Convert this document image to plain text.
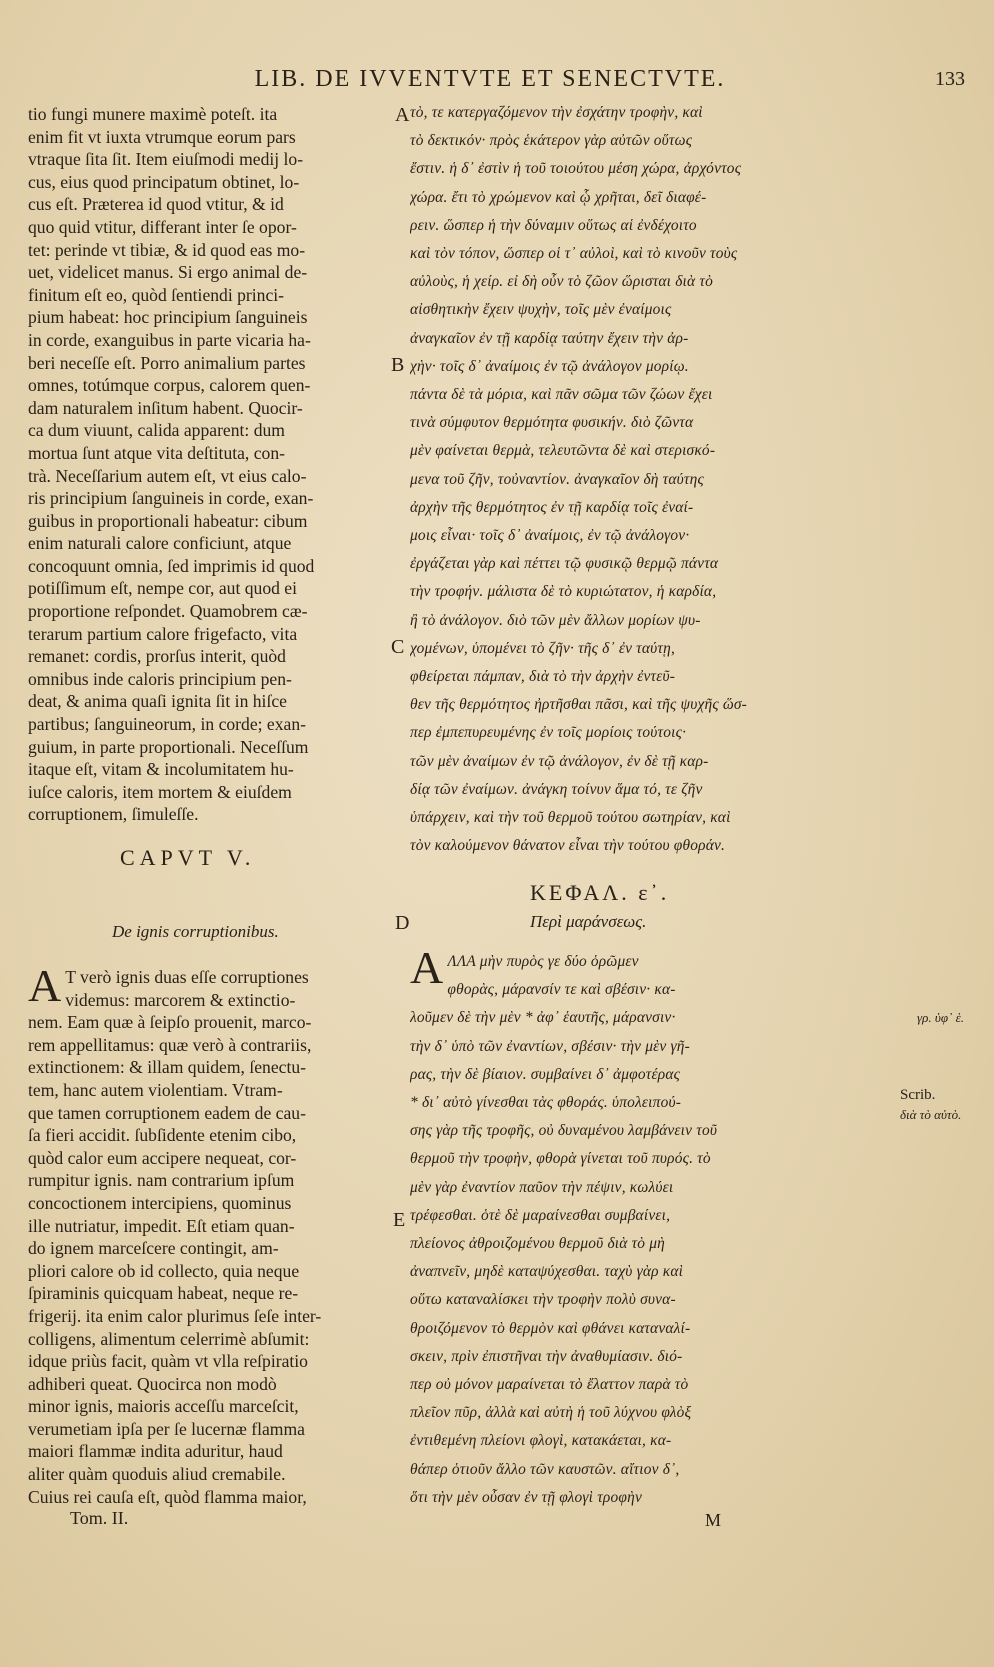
LIB. DE IVVENTVTE ET SENECTVTE.	133
tio fungi munere maximè poteſt. ita
enim fit vt iuxta vtrumque eorum pars
vtraque ſita ſit. Item eiuſmodi medij lo-
cus, eius quod principatum obtinet, lo-
cus eſt. Præterea id quod vtitur, & id
quo quid vtitur, differant inter ſe opor-
tet: perinde vt tibiæ, & id quod eas mo-
uet, videlicet manus. Si ergo animal de-
finitum eſt eo, quòd ſentiendi princi-
pium habeat: hoc principium ſanguineis
in corde, exanguibus in parte vicaria ha-
beri neceſſe eſt. Porro animalium partes
omnes, totúmque corpus, calorem quen-
dam naturalem inſitum habent. Quocir-
ca dum viuunt, calida apparent: dum
mortua ſunt atque vita deſtituta, con-
trà. Neceſſarium autem eſt, vt eius calo-
ris principium ſanguineis in corde, exan-
guibus in proportionali habeatur: cibum
enim naturali calore conficiunt, atque
concoquunt omnia, ſed imprimis id quod
potiſſimum eſt, nempe cor, aut quod ei
proportione reſpondet. Quamobrem cæ-
terarum partium calore frigefacto, vita
remanet: cordis, prorſus interit, quòd
omnibus inde caloris principium pen-
deat, & anima quaſi ignita ſit in hiſce
partibus; ſanguineorum, in corde; exan-
guium, in parte proportionali. Neceſſum
itaque eſt, vitam & incolumitatem hu-
iuſce caloris, item mortem & eiuſdem
corruptionem, ſimuleſſe.
CAPVT V.
De ignis corruptionibus.
A T verò ignis duas eſſe corruptiones
videmus: marcorem & extinctio-
nem. Eam quæ à ſeipſo prouenit, marco-
rem appellitamus: quæ verò à contrariis,
extinctionem: & illam quidem, ſenectu-
tem, hanc autem violentiam. Vtram-
que tamen corruptionem eadem de cau-
ſa fieri accidit. ſubſidente etenim cibo,
quòd calor eum accipere nequeat, cor-
rumpitur ignis. nam contrarium ipſum
concoctionem intercipiens, quominus
ille nutriatur, impedit. Eſt etiam quan-
do ignem marceſcere contingit, am-
pliori calore ob id collecto, quia neque
ſpiraminis quicquam habeat, neque re-
frigerij. ita enim calor plurimus ſeſe inter-
colligens, alimentum celerrimè abſumit:
idque priùs facit, quàm vt vlla reſpiratio
adhiberi queat. Quocirca non modò
minor ignis, maioris acceſſu marceſcit,
verumetiam ipſa per ſe lucernæ flamma
maiori flammæ indita aduritur, haud
aliter quàm quoduis aliud cremabile.
Cuius rei cauſa eſt, quòd flamma maior,
τὸ, τε κατεργαζόμενον τὴν ἐσχάτην τροφὴν, καὶ
τὸ δεκτικόν· πρὸς ἑκάτερον γὰρ αὐτῶν οὕτως
ἔστιν. ἡ δ᾽ ἐστὶν ἡ τοῦ τοιούτου μέση χώρα, ἀρχόντος
χώρα. ἔτι τὸ χρώμενον καὶ ᾧ χρῆται, δεῖ διαφέ-
ρειν. ὥσπερ ἡ τὴν δύναμιν οὕτως αἱ ἐνδέχοιτο
καὶ τὸν τόπον, ὥσπερ οἱ τ᾽ αὐλοὶ, καὶ τὸ κινοῦν τοὺς
αὐλοὺς, ἡ χείρ. εἰ δὴ οὖν τὸ ζῶον ὥρισται διὰ τὸ
αἰσθητικὴν ἔχειν ψυχὴν, τοῖς μὲν ἐναίμοις
ἀναγκαῖον ἐν τῇ καρδίᾳ ταύτην ἔχειν τὴν ἀρ-
χὴν· τοῖς δ᾽ ἀναίμοις ἐν τῷ ἀνάλογον μορίῳ.
πάντα δὲ τὰ μόρια, καὶ πᾶν σῶμα τῶν ζώων ἔχει
τινὰ σύμφυτον θερμότητα φυσικήν. διὸ ζῶντα
μὲν φαίνεται θερμὰ, τελευτῶντα δὲ καὶ στερισκό-
μενα τοῦ ζῆν, τοὐναντίον. ἀναγκαῖον δὴ ταύτης
ἀρχὴν τῆς θερμότητος ἐν τῇ καρδίᾳ τοῖς ἐναί-
μοις εἶναι· τοῖς δ᾽ ἀναίμοις, ἐν τῷ ἀνάλογον·
ἐργάζεται γὰρ καὶ πέττει τῷ φυσικῷ θερμῷ πάντα
τὴν τροφήν. μάλιστα δὲ τὸ κυριώτατον, ἡ καρδία,
ἢ τὸ ἀνάλογον. διὸ τῶν μὲν ἄλλων μορίων ψυ-
χομένων, ὑπομένει τὸ ζῆν· τῆς δ᾽ ἐν ταύτῃ,
φθείρεται πάμπαν, διὰ τὸ τὴν ἀρχὴν ἐντεῦ-
θεν τῆς θερμότητος ἠρτῆσθαι πᾶσι, καὶ τῆς ψυχῆς ὥσ-
περ ἐμπεπυρευμένης ἐν τοῖς μορίοις τούτοις·
τῶν μὲν ἀναίμων ἐν τῷ ἀνάλογον, ἐν δὲ τῇ καρ-
δίᾳ τῶν ἐναίμων. ἀνάγκη τοίνυν ἅμα τό, τε ζῆν
ὑπάρχειν, καὶ τὴν τοῦ θερμοῦ τούτου σωτηρίαν, καὶ
τὸν καλούμενον θάνατον εἶναι τὴν τούτου φθοράν.
ΚΕΦΑΛ. ε᾽.
Περὶ μαράνσεως.
Α ΛΛΑ μὴν πυρὸς γε δύο ὁρῶμεν
φθορὰς, μάρανσίν τε καὶ σβέσιν· κα-
λοῦμεν δὲ τὴν μὲν * ἀφ᾽ ἑαυτῆς, μάρανσιν·
τὴν δ᾽ ὑπὸ τῶν ἐναντίων, σβέσιν· τὴν μὲν γῆ-
ρας, τὴν δὲ βίαιον. συμβαίνει δ᾽ ἀμφοτέρας
* δι᾽ αὐτὸ γίνεσθαι τὰς φθοράς. ὑπολειπού-
σης γὰρ τῆς τροφῆς, οὐ δυναμένου λαμβάνειν τοῦ
θερμοῦ τὴν τροφὴν, φθορὰ γίνεται τοῦ πυρός. τὸ
μὲν γὰρ ἐναντίον παῦον τὴν πέψιν, κωλύει
τρέφεσθαι. ὁτὲ δὲ μαραίνεσθαι συμβαίνει,
πλείονος ἀθροιζομένου θερμοῦ διὰ τὸ μὴ
ἀναπνεῖν, μηδὲ καταψύχεσθαι. ταχὺ γὰρ καὶ
οὕτω καταναλίσκει τὴν τροφὴν πολὺ συνα-
θροιζόμενον τὸ θερμὸν καὶ φθάνει καταναλί-
σκειν, πρὶν ἐπιστῆναι τὴν ἀναθυμίασιν. διό-
περ οὐ μόνον μαραίνεται τὸ ἔλαττον παρὰ τὸ
πλεῖον πῦρ, ἀλλὰ καὶ αὐτὴ ἡ τοῦ λύχνου φλὸξ
ἐντιθεμένη πλείονι φλογὶ, κατακάεται, κα-
θάπερ ὁτιοῦν ἄλλο τῶν καυστῶν. αἴτιον δ᾽,
ὅτι τὴν μὲν οὖσαν ἐν τῇ φλογὶ τροφὴν
A
B
C
D
E
γρ. ὑφ᾽ ἑ.
Scrib.
διὰ τὸ αὐτὸ.
Tom. II.	M
